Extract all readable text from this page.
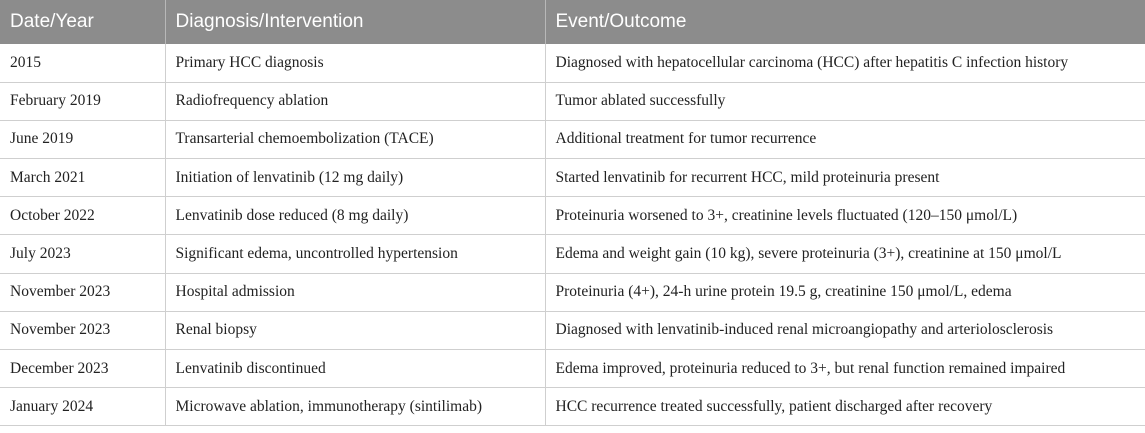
Date/Year	Diagnosis/Intervention	Event/Outcome
2015	Primary HCC diagnosis	Diagnosed with hepatocellular carcinoma (HCC) after hepatitis C infection history
February 2019	Radiofrequency ablation	Tumor ablated successfully
June 2019	Transarterial chemoembolization (TACE)	Additional treatment for tumor recurrence
March 2021	Initiation of lenvatinib (12 mg daily)	Started lenvatinib for recurrent HCC, mild proteinuria present
October 2022	Lenvatinib dose reduced (8 mg daily)	Proteinuria worsened to 3+, creatinine levels fluctuated (120–150 μmol/L)
July 2023	Significant edema, uncontrolled hypertension	Edema and weight gain (10 kg), severe proteinuria (3+), creatinine at 150 μmol/L
November 2023	Hospital admission	Proteinuria (4+), 24-h urine protein 19.5 g, creatinine 150 μmol/L, edema
November 2023	Renal biopsy	Diagnosed with lenvatinib-induced renal microangiopathy and arteriolosclerosis
December 2023	Lenvatinib discontinued	Edema improved, proteinuria reduced to 3+, but renal function remained impaired
January 2024	Microwave ablation, immunotherapy (sintilimab)	HCC recurrence treated successfully, patient discharged after recovery
